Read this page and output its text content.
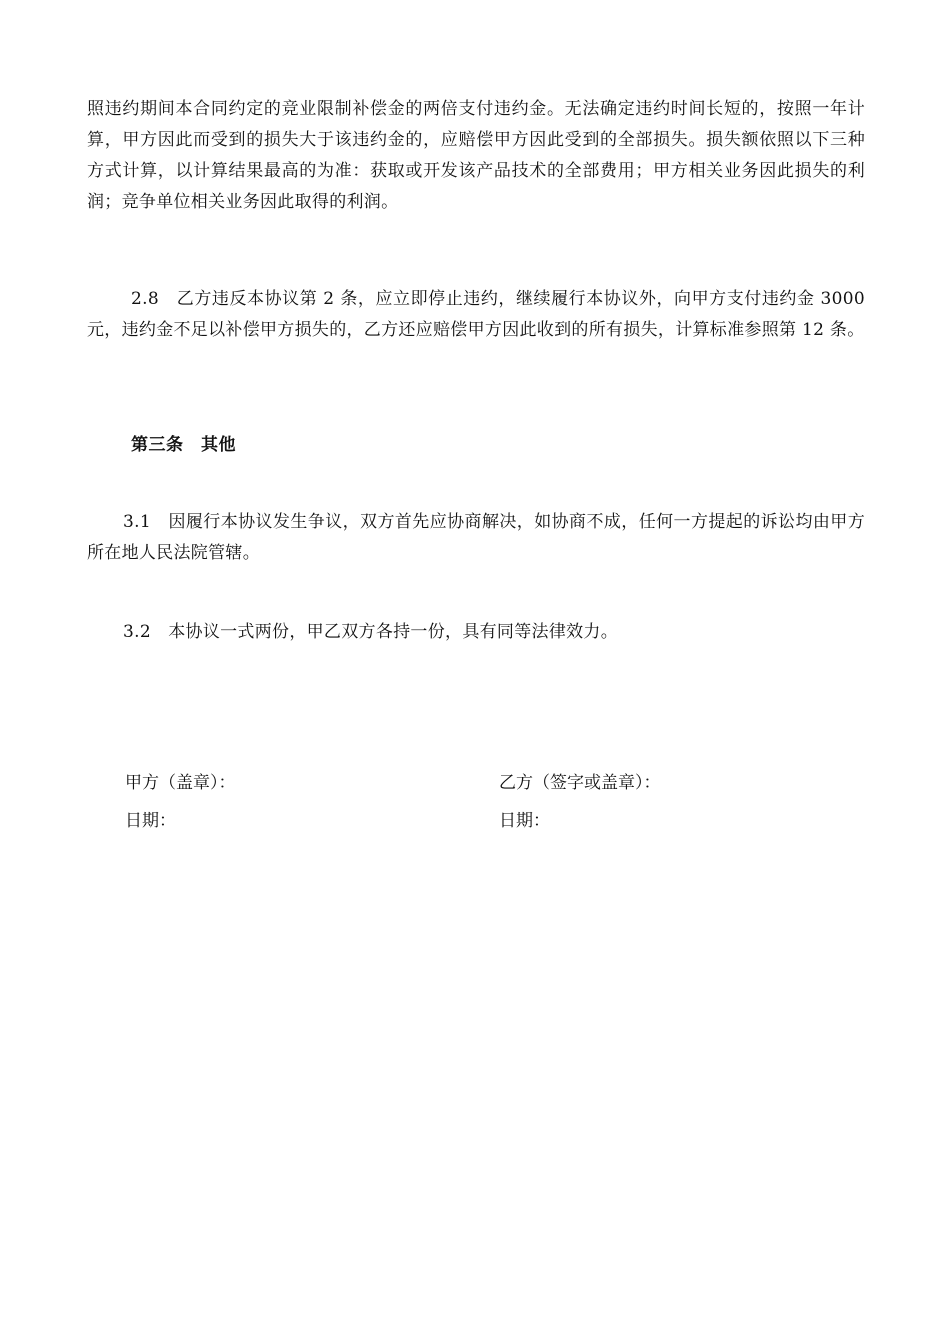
照违约期间本合同约定的竞业限制补偿金的两倍支付违约金。无法确定违约时间长短的，按照一年计算，甲方因此而受到的损失大于该违约金的，应赔偿甲方因此受到的全部损失。损失额依照以下三种方式计算，以计算结果最高的为准：获取或开发该产品技术的全部费用；甲方相关业务因此损失的利润；竞争单位相关业务因此取得的利润。

2.8　乙方违反本协议第 2 条，应立即停止违约，继续履行本协议外，向甲方支付违约金 3000 元，违约金不足以补偿甲方损失的，乙方还应赔偿甲方因此收到的所有损失，计算标准参照第 12 条。

第三条　其他

3.1　因履行本协议发生争议，双方首先应协商解决，如协商不成，任何一方提起的诉讼均由甲方所在地人民法院管辖。

3.2　本协议一式两份，甲乙双方各持一份，具有同等法律效力。

甲方（盖章）：
日期：
乙方（签字或盖章）：
日期：
